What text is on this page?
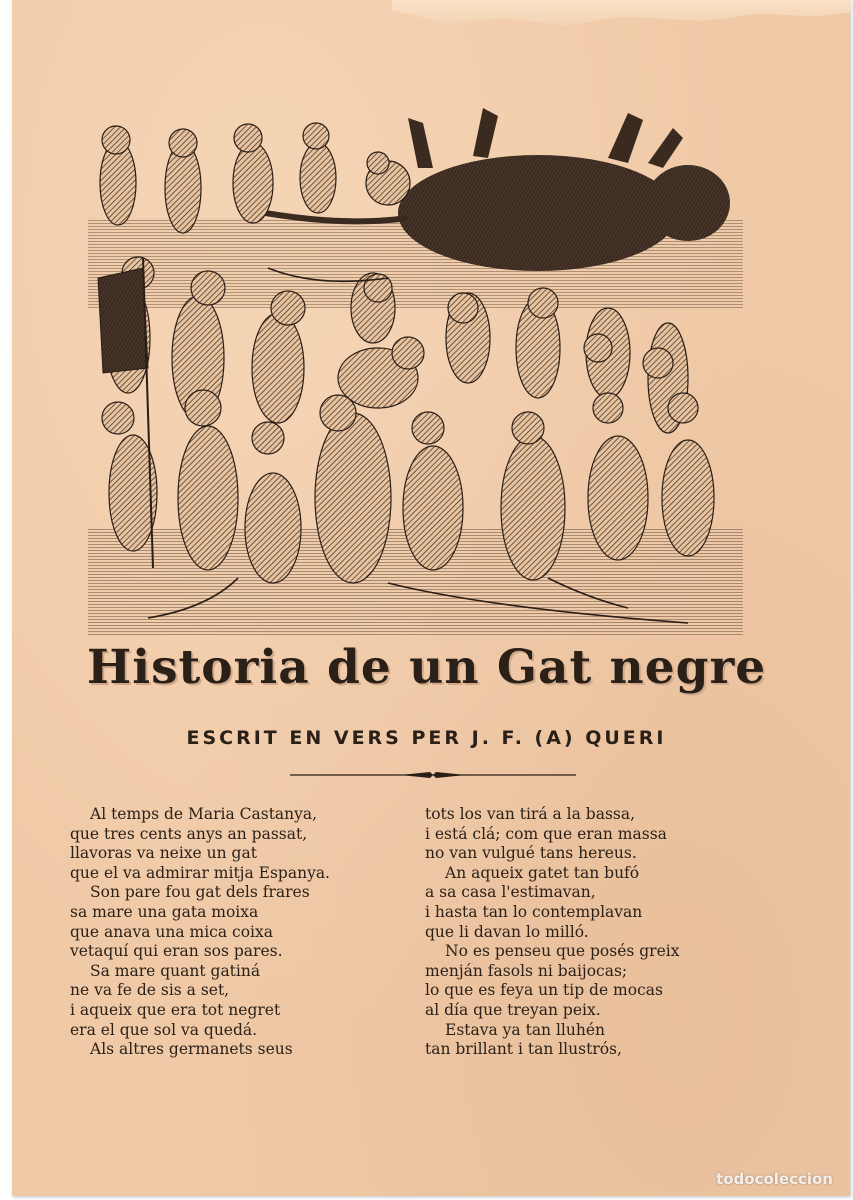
Historia de un Gat negre
ESCRIT EN VERS PER J. F. (A) QUERI
Al temps de Maria Castanya,
que tres cents anys an passat,
llavoras va neixe un gat
que el va admirar mitja Espanya.
Son pare fou gat dels frares
sa mare una gata moixa
que anava una mica coixa
vetaquí qui eran sos pares.
Sa mare quant gatiná
ne va fe de sis a set,
i aqueix que era tot negret
era el que sol va quedá.
Als altres germanets seus
tots los van tirá a la bassa,
i está clá; com que eran massa
no van vulgué tans hereus.
An aqueix gatet tan bufó
a sa casa l'estimavan,
i hasta tan lo contemplavan
que li davan lo milló.
No es penseu que posés greix
menján fasols ni baijocas;
lo que es feya un tip de mocas
al día que treyan peix.
Estava ya tan lluhén
tan brillant i tan llustrós,
todocoleccion
